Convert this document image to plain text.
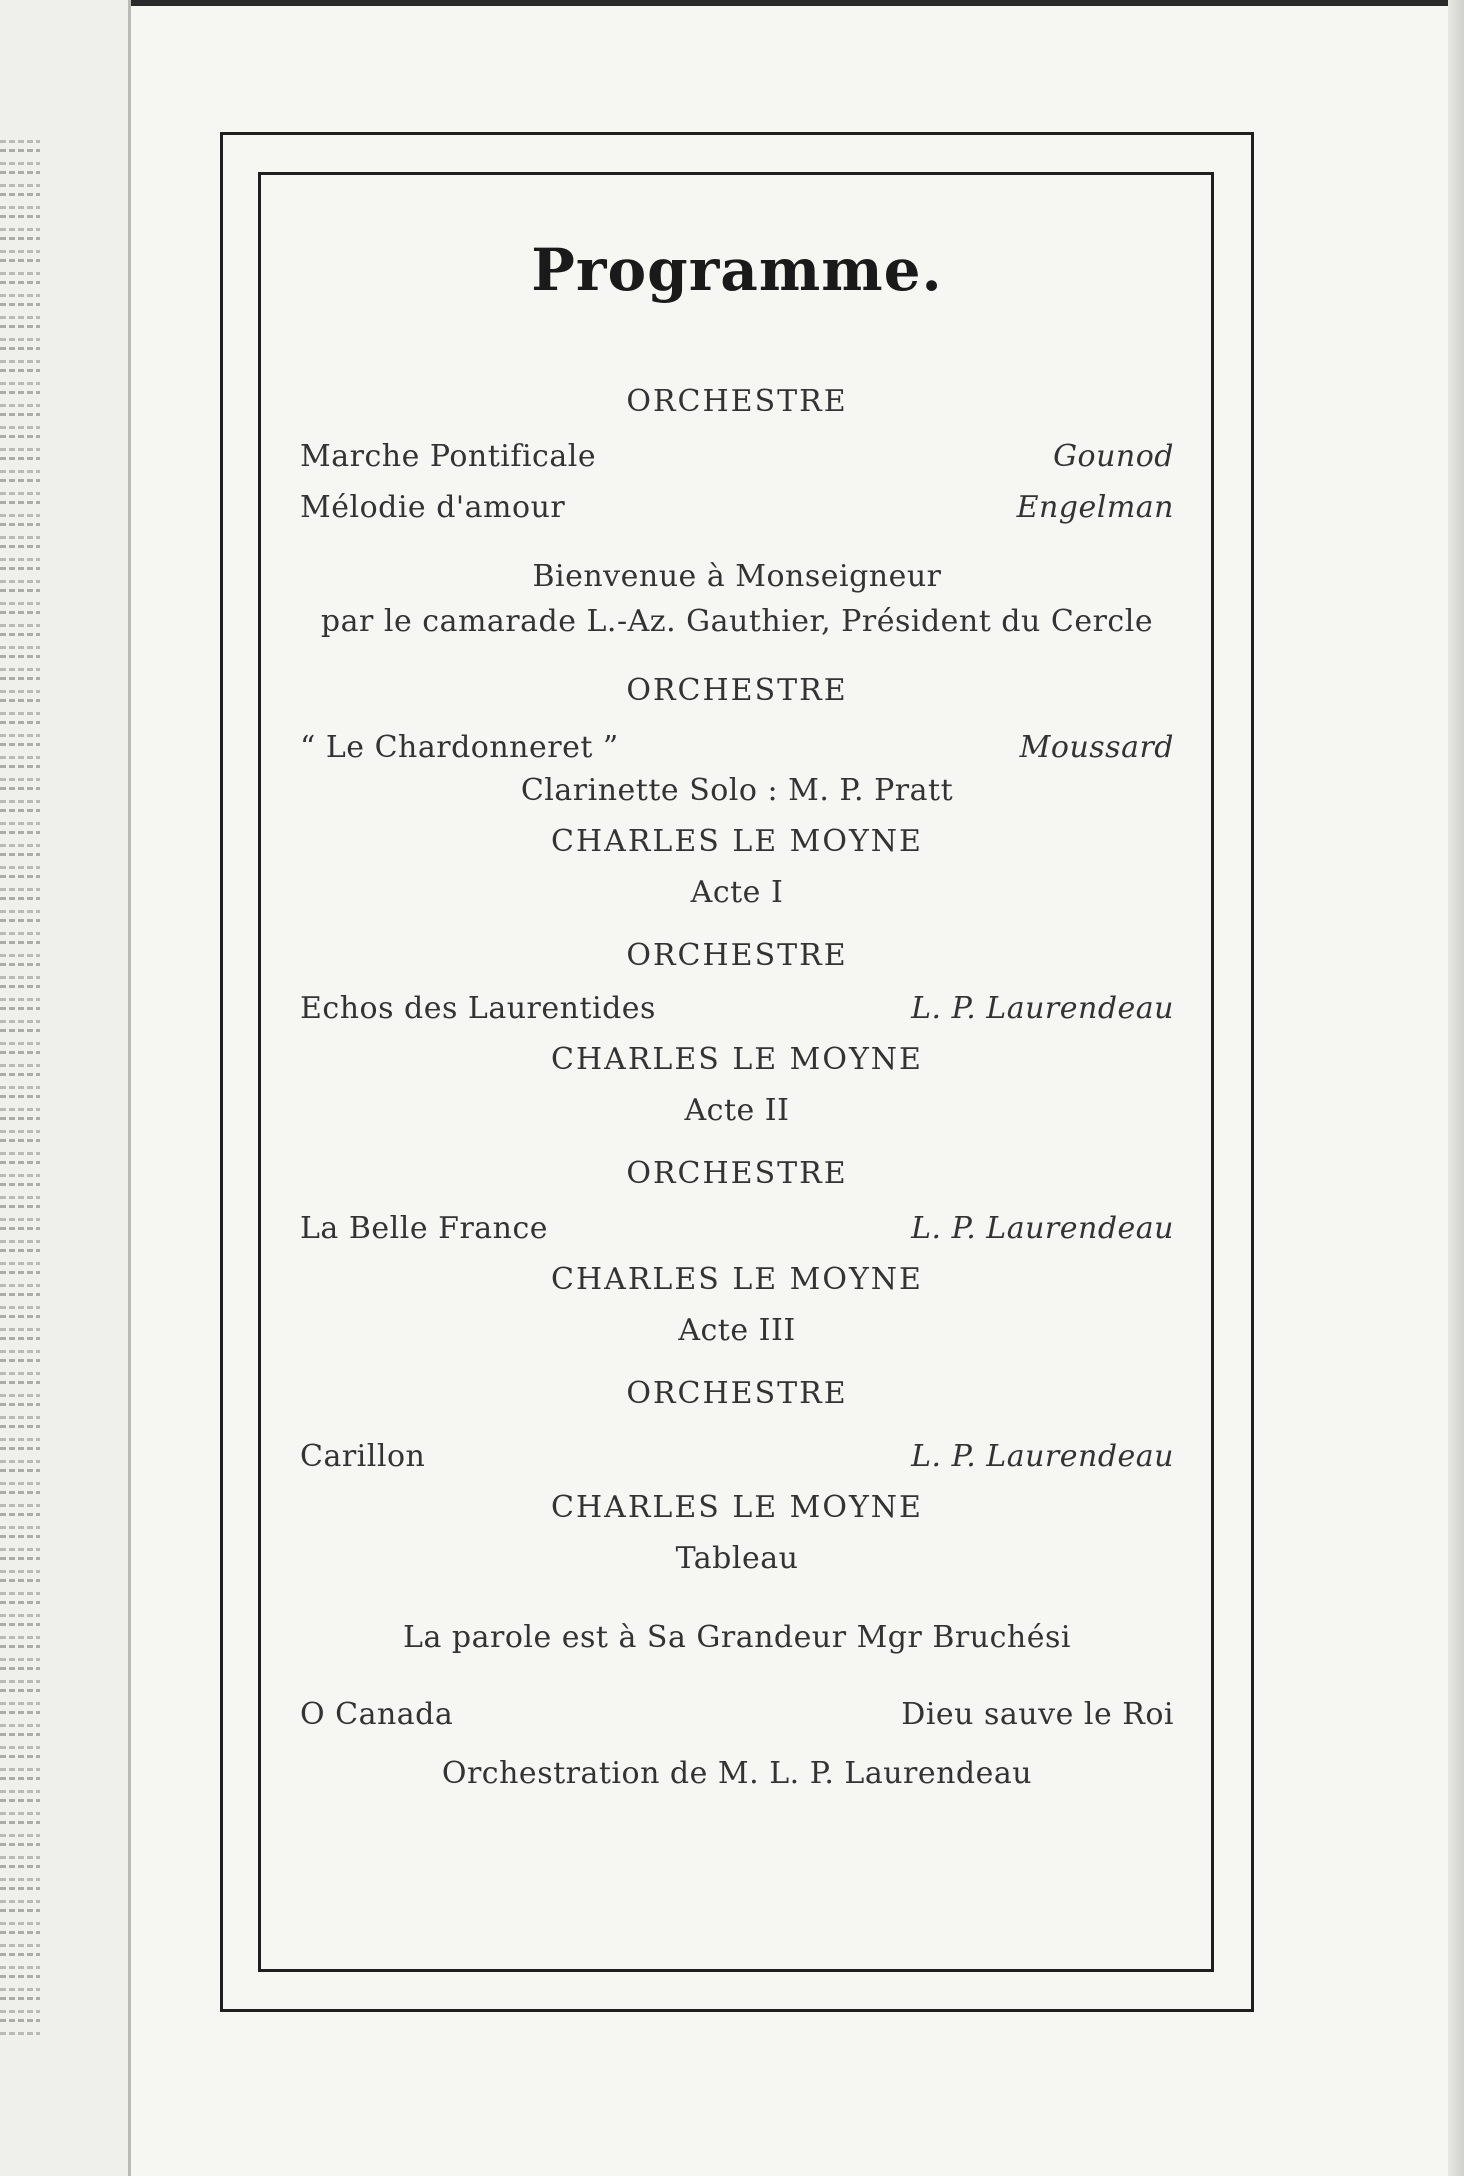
Programme.
ORCHESTRE
Marche Pontificale	Gounod
Mélodie d'amour	Engelman
Bienvenue à Monseigneur
par le camarade L.-Az. Gauthier, Président du Cercle
ORCHESTRE
“ Le Chardonneret ”	Moussard
Clarinette Solo : M. P. Pratt
CHARLES LE MOYNE
Acte I
ORCHESTRE
Echos des Laurentides	L. P. Laurendeau
CHARLES LE MOYNE
Acte II
ORCHESTRE
La Belle France	L. P. Laurendeau
CHARLES LE MOYNE
Acte III
ORCHESTRE
Carillon	L. P. Laurendeau
CHARLES LE MOYNE
Tableau
La parole est à Sa Grandeur Mgr Bruchési
O Canada	Dieu sauve le Roi
Orchestration de M. L. P. Laurendeau
